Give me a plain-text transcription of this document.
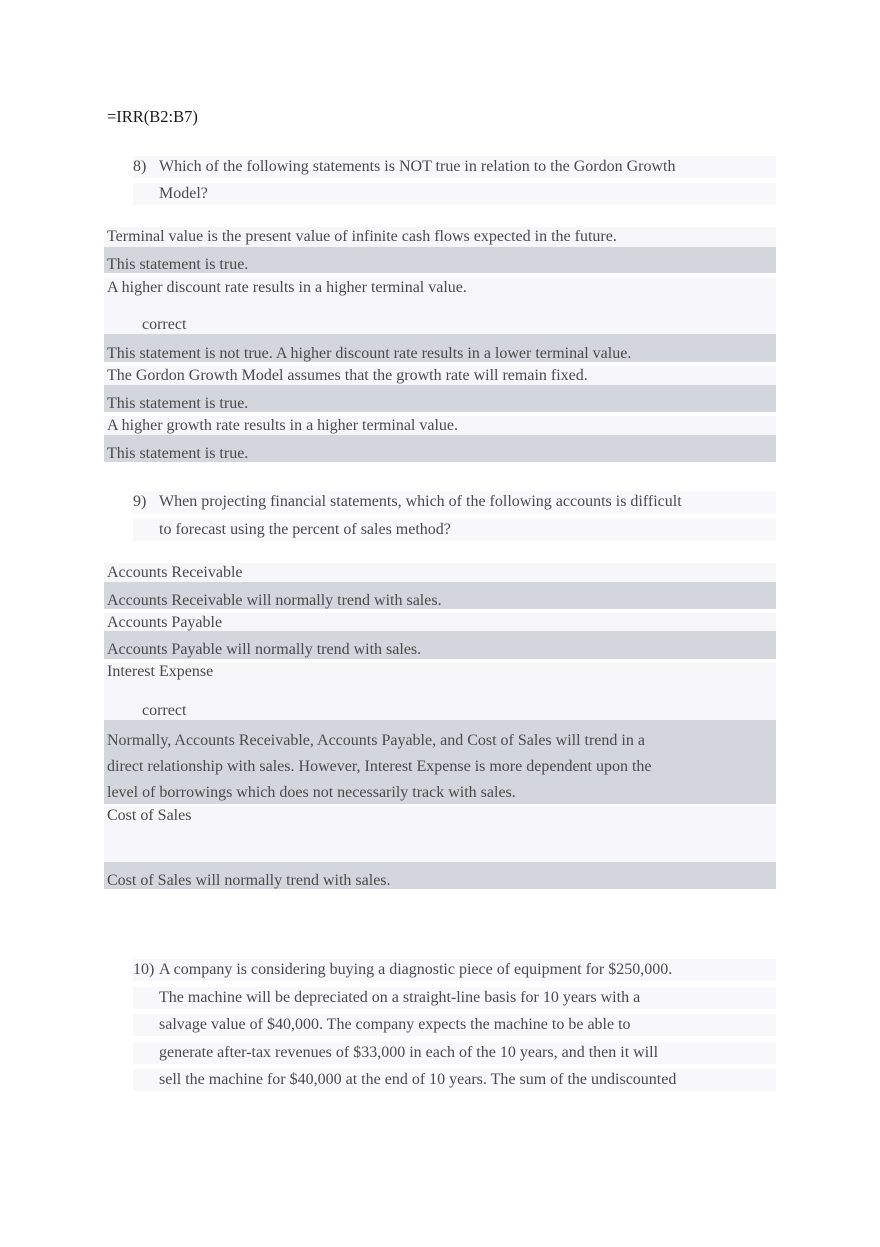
=IRR(B2:B7)
8) Which of the following statements is NOT true in relation to the Gordon Growth
Model?
Terminal value is the present value of infinite cash flows expected in the future.
This statement is true.
A higher discount rate results in a higher terminal value.
correct
This statement is not true. A higher discount rate results in a lower terminal value.
The Gordon Growth Model assumes that the growth rate will remain fixed.
This statement is true.
A higher growth rate results in a higher terminal value.
This statement is true.
9) When projecting financial statements, which of the following accounts is difficult
to forecast using the percent of sales method?
Accounts Receivable
Accounts Receivable will normally trend with sales.
Accounts Payable
Accounts Payable will normally trend with sales.
Interest Expense
correct
Normally, Accounts Receivable, Accounts Payable, and Cost of Sales will trend in a
direct relationship with sales. However, Interest Expense is more dependent upon the
level of borrowings which does not necessarily track with sales.
Cost of Sales
Cost of Sales will normally trend with sales.
10) A company is considering buying a diagnostic piece of equipment for $250,000.
The machine will be depreciated on a straight-line basis for 10 years with a
salvage value of $40,000. The company expects the machine to be able to
generate after-tax revenues of $33,000 in each of the 10 years, and then it will
sell the machine for $40,000 at the end of 10 years. The sum of the undiscounted
